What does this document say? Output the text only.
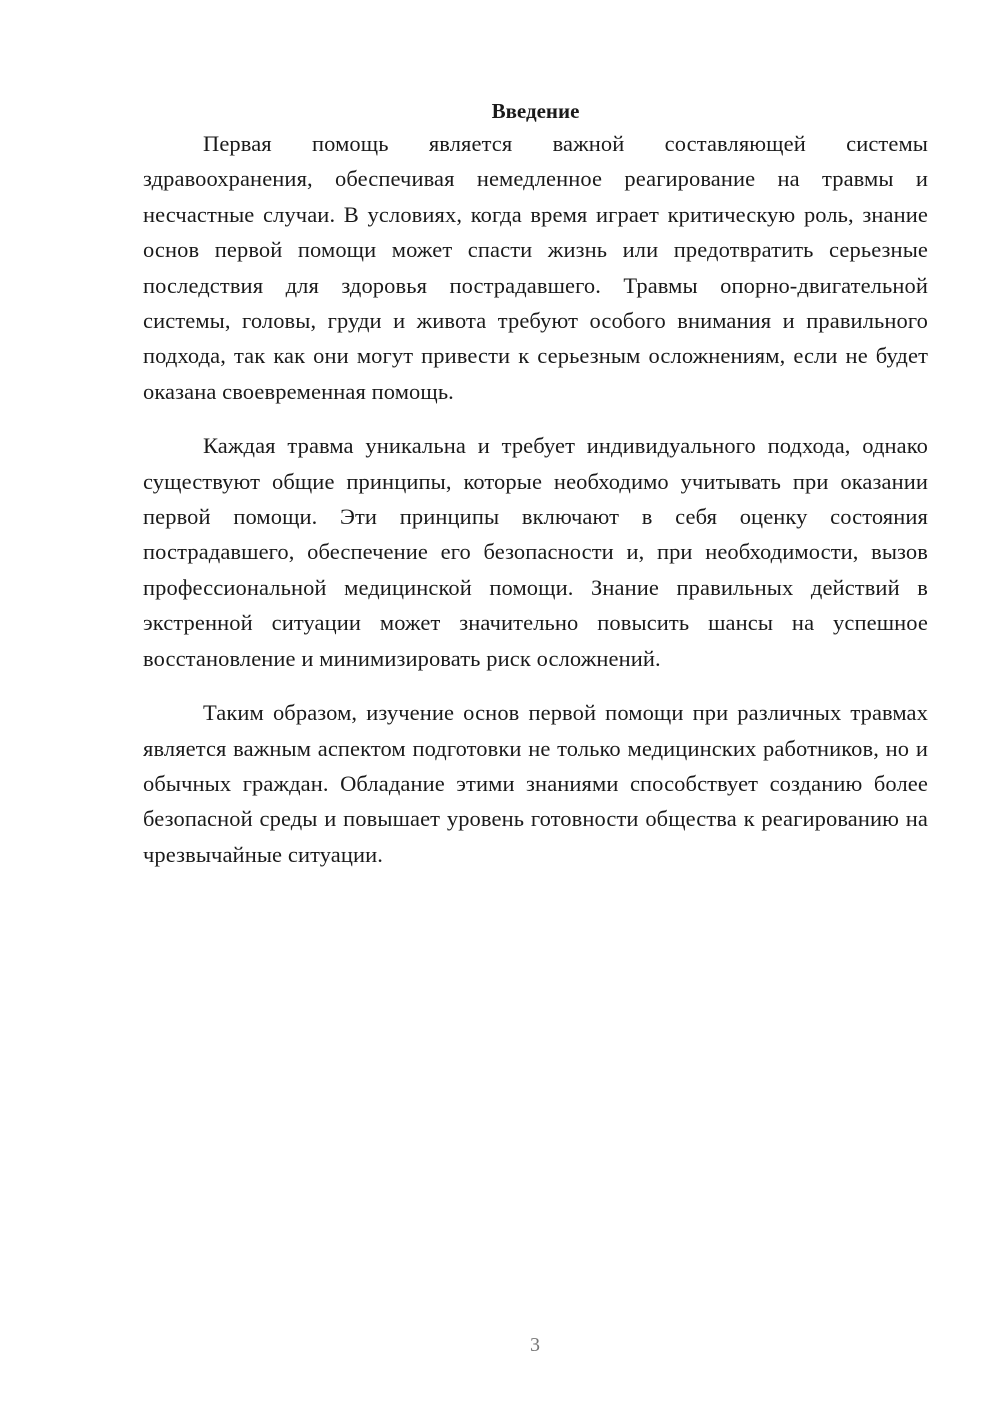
Введение

Первая помощь является важной составляющей системы здравоохранения, обеспечивая немедленное реагирование на травмы и несчастные случаи. В условиях, когда время играет критическую роль, знание основ первой помощи может спасти жизнь или предотвратить серьезные последствия для здоровья пострадавшего. Травмы опорно-двигательной системы, головы, груди и живота требуют особого внимания и правильного подхода, так как они могут привести к серьезным осложнениям, если не будет оказана своевременная помощь.

Каждая травма уникальна и требует индивидуального подхода, однако существуют общие принципы, которые необходимо учитывать при оказании первой помощи. Эти принципы включают в себя оценку состояния пострадавшего, обеспечение его безопасности и, при необходимости, вызов профессиональной медицинской помощи. Знание правильных действий в экстренной ситуации может значительно повысить шансы на успешное восстановление и минимизировать риск осложнений.

Таким образом, изучение основ первой помощи при различных травмах является важным аспектом подготовки не только медицинских работников, но и обычных граждан. Обладание этими знаниями способствует созданию более безопасной среды и повышает уровень готовности общества к реагированию на чрезвычайные ситуации.

3
